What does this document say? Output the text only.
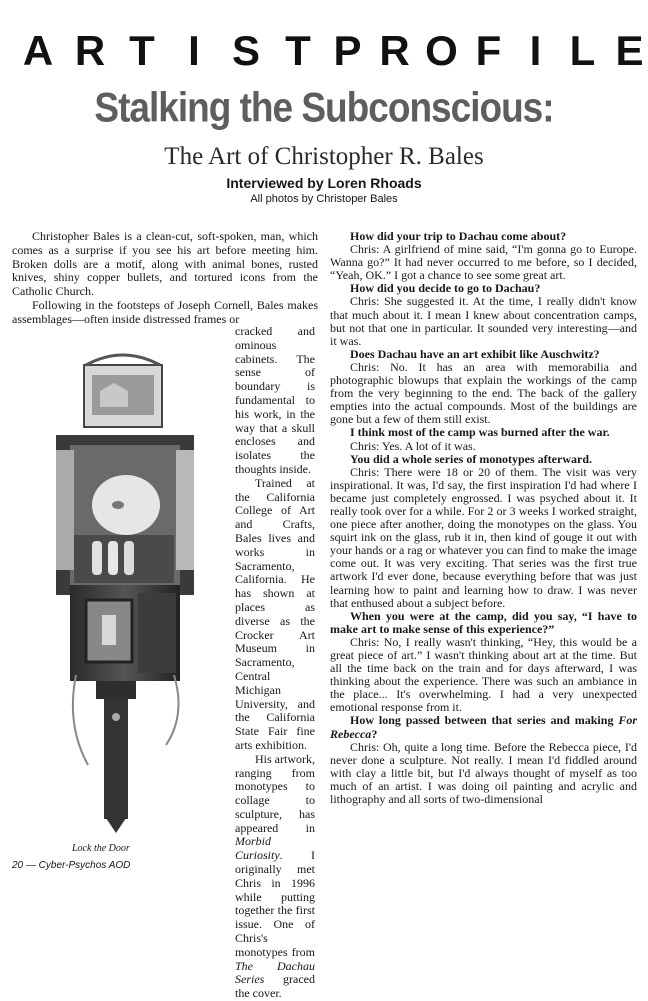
A R T I S T P R O F I L E
Stalking the Subconscious:
The Art of Christopher R. Bales
Interviewed by Loren Rhoads
All photos by Christoper Bales

Christopher Bales is a clean-cut, soft-spoken, man, which comes as a surprise if you see his art before meeting him. Broken dolls are a motif, along with animal bones, rusted knives, shiny copper bullets, and tortured icons from the Catholic Church.

Following in the footsteps of Joseph Cornell, Bales makes assemblages—often inside distressed frames or

cracked and ominous cabinets. The sense of boundary is fundamental to his work, in the way that a skull encloses and isolates the thoughts inside.
Trained at the California College of Art and Crafts, Bales lives and works in Sacramento, California. He has shown at places as diverse as the Crocker Art Museum in Sacramento, Central Michigan University, and the California State Fair fine arts exhibition.
His artwork, ranging from monotypes to collage to sculpture, has appeared in Morbid Curiosity. I originally met Chris in 1996 while putting together the first issue. One of Chris's monotypes from The Dachau Series graced the cover.
Lock the Door
20 — Cyber-Psychos AOD

How did your trip to Dachau come about?

Chris: A girlfriend of mine said, “I'm gonna go to Europe. Wanna go?” It had never occurred to me before, so I decided, “Yeah, OK.” I got a chance to see some great art.

How did you decide to go to Dachau?

Chris: She suggested it. At the time, I really didn't know that much about it. I mean I knew about concentration camps, but not that one in particular. It sounded very interesting—and it was.

Does Dachau have an art exhibit like Auschwitz?

Chris: No. It has an area with memorabilia and photographic blowups that explain the workings of the camp from the very beginning to the end. The back of the gallery empties into the actual compounds. Most of the buildings are gone but a few of them still exist.

I think most of the camp was burned after the war.

Chris: Yes. A lot of it was.

You did a whole series of monotypes afterward.

Chris: There were 18 or 20 of them. The visit was very inspirational. It was, I'd say, the first inspiration I'd had where I became just completely engrossed. I was psyched about it. It really took over for a while. For 2 or 3 weeks I worked straight, one piece after another, doing the monotypes on the glass. You squirt ink on the glass, rub it in, then kind of gouge it out with your hands or a rag or whatever you can find to make the image come out. It was very exciting. That series was the first true artwork I'd ever done, because everything before that was just learning how to paint and learning how to draw. I was never that enthused about a subject before.

When you were at the camp, did you say, “I have to make art to make sense of this experience?”

Chris: No, I really wasn't thinking, “Hey, this would be a great piece of art.” I wasn't thinking about art at the time. But all the time back on the train and for days afterward, I was thinking about the experience. There was such an ambiance in the place... It's overwhelming. I had a very unexpected emotional response from it.

How long passed between that series and making For Rebecca?

Chris: Oh, quite a long time. Before the Rebecca piece, I'd never done a sculpture. Not really. I mean I'd fiddled around with clay a little bit, but I'd always thought of myself as too much of an artist. I was doing oil painting and acrylic and lithography and all sorts of two-dimensional
